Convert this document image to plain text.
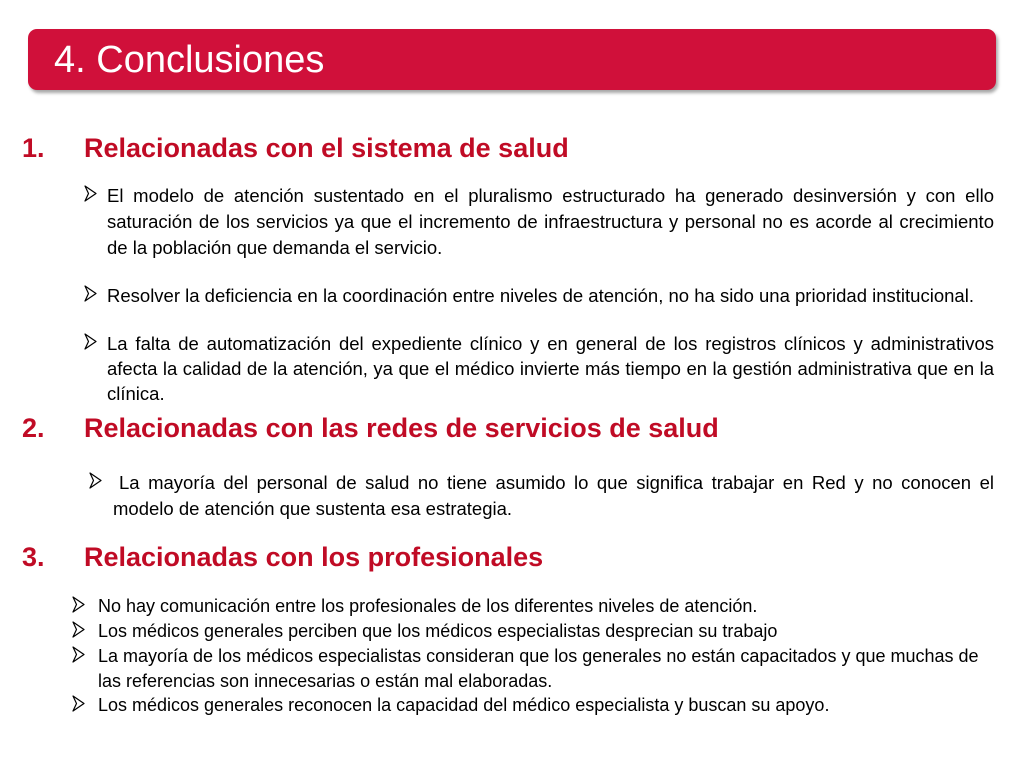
4. Conclusiones
1. Relacionadas con el sistema de salud
El modelo de atención sustentado en el pluralismo estructurado ha generado desinversión y con ello saturación de los servicios ya que el incremento de infraestructura y personal no es acorde al crecimiento de la población que demanda el servicio.
Resolver la deficiencia en la coordinación entre niveles de atención, no ha sido una prioridad institucional.
La falta de automatización del expediente clínico y en general de los registros clínicos y administrativos afecta la calidad de la atención, ya que el médico invierte más tiempo en la gestión administrativa que en la clínica.
2. Relacionadas con las redes de servicios de salud
La mayoría del personal de salud no tiene asumido lo que significa trabajar en Red y no conocen el modelo de atención que sustenta esa estrategia.
3. Relacionadas con los profesionales
No hay comunicación entre los profesionales de los diferentes niveles de atención.
Los médicos generales perciben que los médicos especialistas desprecian su trabajo
La mayoría de los médicos especialistas consideran que los generales no están capacitados y que muchas de las referencias son innecesarias o están mal elaboradas.
Los médicos generales reconocen la capacidad del médico especialista y buscan su apoyo.
